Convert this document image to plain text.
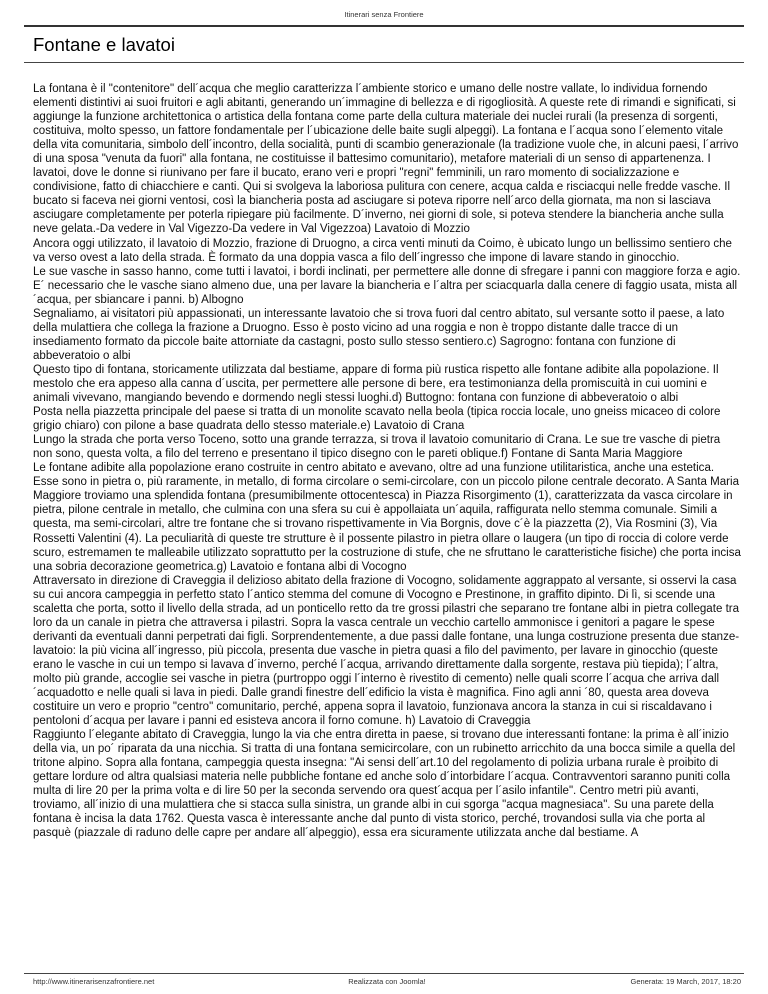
Itinerari senza Frontiere
Fontane e lavatoi

La fontana è il "contenitore" dell´acqua che meglio caratterizza l´ambiente storico e umano delle nostre vallate, lo individua fornendo elementi distintivi ai suoi fruitori e agli abitanti, generando un´immagine di bellezza e di rigogliosità. A queste rete di rimandi e significati, si aggiunge la funzione architettonica o artistica della fontana come parte della cultura materiale dei nuclei rurali (la presenza di sorgenti, costituiva, molto spesso, un fattore fondamentale per l´ubicazione delle baite sugli alpeggi). La fontana e l´acqua sono l´elemento vitale della vita comunitaria, simbolo dell´incontro, della socialità, punti di scambio generazionale (la tradizione vuole che, in alcuni paesi, l´arrivo di una sposa "venuta da fuori" alla fontana, ne costituisse il battesimo comunitario), metafore materiali di un senso di appartenenza. I lavatoi, dove le donne si riunivano per fare il bucato, erano veri e propri "regni" femminili, un raro momento di socializzazione e condivisione, fatto di chiacchiere e canti. Qui si svolgeva la laboriosa pulitura con cenere, acqua calda e risciacqui nelle fredde vasche. Il bucato si faceva nei giorni ventosi, così la biancheria posta ad asciugare si poteva riporre nell´arco della giornata, ma non si lasciava asciugare completamente per poterla ripiegare più facilmente. D´inverno, nei giorni di sole, si poteva stendere la biancheria anche sulla neve gelata.-Da vedere in Val Vigezzo-Da vedere in Val Vigezzoa) Lavatoio di Mozzio

Ancora oggi utilizzato, il lavatoio di Mozzio, frazione di Druogno, a circa venti minuti da Coimo, è ubicato lungo un bellissimo sentiero che va verso ovest a lato della strada. È formato da una doppia vasca a filo dell´ingresso che impone di lavare stando in ginocchio.

Le sue vasche in sasso hanno, come tutti i lavatoi, i bordi inclinati, per permettere alle donne di sfregare i panni con maggiore forza e agio. E´ necessario che le vasche siano almeno due, una per lavare la biancheria e l´altra per sciacquarla dalla cenere di faggio usata, mista all´acqua, per sbiancare i panni. b) Albogno

Segnaliamo, ai visitatori più appassionati, un interessante lavatoio che si trova fuori dal centro abitato, sul versante sotto il paese, a lato della mulattiera che collega la frazione a Druogno. Esso è posto vicino ad una roggia e non è troppo distante dalle tracce di un insediamento formato da piccole baite attorniate da castagni, posto sullo stesso sentiero.c) Sagrogno: fontana con funzione di abbeveratoio o albi

Questo tipo di fontana, storicamente utilizzata dal bestiame, appare di forma più rustica rispetto alle fontane adibite alla popolazione. Il mestolo che era appeso alla canna d´uscita, per permettere alle persone di bere, era testimonianza della promiscuità in cui uomini e animali vivevano, mangiando bevendo e dormendo negli stessi luoghi.d) Buttogno: fontana con funzione di abbeveratoio o albi

Posta nella piazzetta principale del paese si tratta di un monolite scavato nella beola (tipica roccia locale, uno gneiss micaceo di colore grigio chiaro) con pilone a base quadrata dello stesso materiale.e) Lavatoio di Crana

Lungo la strada che porta verso Toceno, sotto una grande terrazza, si trova il lavatoio comunitario di Crana. Le sue tre vasche di pietra non sono, questa volta, a filo del terreno e presentano il tipico disegno con le pareti oblique.f) Fontane di Santa Maria Maggiore

Le fontane adibite alla popolazione erano costruite in centro abitato e avevano, oltre ad una funzione utilitaristica, anche una estetica. Esse sono in pietra o, più raramente, in metallo, di forma circolare o semi-circolare, con un piccolo pilone centrale decorato. A Santa Maria Maggiore troviamo una splendida fontana (presumibilmente ottocentesca) in Piazza Risorgimento (1), caratterizzata da vasca circolare in pietra, pilone centrale in metallo, che culmina con una sfera su cui è appollaiata un´aquila, raffigurata nello stemma comunale. Simili a questa, ma semi-circolari, altre tre fontane che si trovano rispettivamente in Via Borgnis, dove c´è la piazzetta (2), Via Rosmini (3), Via Rossetti Valentini (4). La peculiarità di queste tre strutture è il possente pilastro in pietra ollare o laugera (un tipo di roccia di colore verde scuro, estremamen te malleabile utilizzato soprattutto per la costruzione di stufe, che ne sfruttano le caratteristiche fisiche) che porta incisa una sobria decorazione geometrica.g) Lavatoio e fontana albi di Vocogno

Attraversato in direzione di Craveggia il delizioso abitato della frazione di Vocogno, solidamente aggrappato al versante, si osservi la casa su cui ancora campeggia in perfetto stato l´antico stemma del comune di Vocogno e Prestinone, in graffito dipinto. Di lì, si scende una scaletta che porta, sotto il livello della strada, ad un ponticello retto da tre grossi pilastri che separano tre fontane albi in pietra collegate tra loro da un canale in pietra che attraversa i pilastri. Sopra la vasca centrale un vecchio cartello ammonisce i genitori a pagare le spese derivanti da eventuali danni perpetrati dai figli. Sorprendentemente, a due passi dalle fontane, una lunga costruzione presenta due stanze-lavatoio: la più vicina all´ingresso, più piccola, presenta due vasche in pietra quasi a filo del pavimento, per lavare in ginocchio (queste erano le vasche in cui un tempo si lavava d´inverno, perché l´acqua, arrivando direttamente dalla sorgente, restava più tiepida); l´altra, molto più grande, accoglie sei vasche in pietra (purtroppo oggi l´interno è rivestito di cemento) nelle quali scorre l´acqua che arriva dall´acquadotto e nelle quali si lava in piedi. Dalle grandi finestre dell´edificio la vista è magnifica. Fino agli anni ´80, questa area doveva costituire un vero e proprio "centro" comunitario, perché, appena sopra il lavatoio, funzionava ancora la stanza in cui si riscaldavano i pentoloni d´acqua per lavare i panni ed esisteva ancora il forno comune. h) Lavatoio di Craveggia

Raggiunto l´elegante abitato di Craveggia, lungo la via che entra diretta in paese, si trovano due interessanti fontane: la prima è all´inizio della via, un po´ riparata da una nicchia. Si tratta di una fontana semicircolare, con un rubinetto arricchito da una bocca simile a quella del tritone alpino. Sopra alla fontana, campeggia questa insegna: "Ai sensi dell´art.10 del regolamento di polizia urbana rurale è proibito di gettare lordure od altra qualsiasi materia nelle pubbliche fontane ed anche solo d´intorbidare l´acqua. Contravventori saranno puniti colla multa di lire 20 per la prima volta e di lire 50 per la seconda servendo ora quest´acqua per l´asilo infantile". Centro metri più avanti, troviamo, all´inizio di una mulattiera che si stacca sulla sinistra, un grande albi in cui sgorga "acqua magnesiaca". Su una parete della fontana è incisa la data 1762. Questa vasca è interessante anche dal punto di vista storico, perché, trovandosi sulla via che porta al pasquè (piazzale di raduno delle capre per andare all´alpeggio), essa era sicuramente utilizzata anche dal bestiame. A

http://www.itinerarisenzafrontiere.net	Realizzata con Joomla!	Generata: 19 March, 2017, 18:20
